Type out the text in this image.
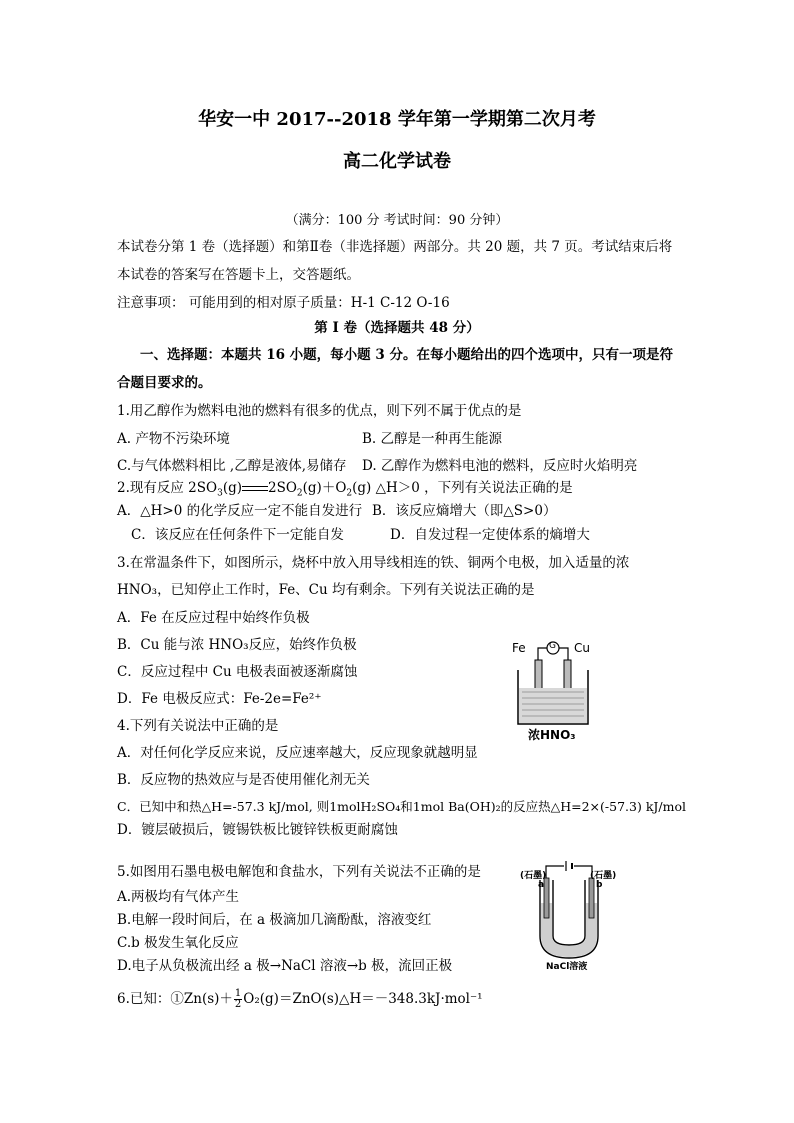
华安一中 2017--2018 学年第一学期第二次月考
高二化学试卷
（满分：100 分 考试时间：90 分钟）
本试卷分第 1 卷（选择题）和第Ⅱ卷（非选择题）两部分。共 20 题，共 7 页。考试结束后将
本试卷的答案写在答题卡上，交答题纸。
注意事项： 可能用到的相对原子质量：H-1 C-12 O-16
第 I 卷（选择题共 48 分）
一、选择题：本题共 16 小题，每小题 3 分。在每小题给出的四个选项中，只有一项是符
合题目要求的。
1.用乙醇作为燃料电池的燃料有很多的优点，则下列不属于优点的是
A. 产物不污染环境	B. 乙醇是一种再生能源
C.与气体燃料相比 ,乙醇是液体,易储存 D. 乙醇作为燃料电池的燃料，反应时火焰明亮
2.现有反应 $2SO_3(g)$ $2SO_2(g)+O_2(g)$ △H＞0 ，下列有关说法正确的是
A．△H>0 的化学反应一定不能自发进行 B．该反应熵增大（即△S>0）
C．该反应在任何条件下一定能自发	D．自发过程一定使体系的熵增大
3.在常温条件下，如图所示，烧杯中放入用导线相连的铁、铜两个电极，加入适量的浓
HNO₃，已知停止工作时，Fe、Cu 均有剩余。下列有关说法正确的是
A．Fe 在反应过程中始终作负极
B．Cu 能与浓 HNO₃反应，始终作负极
C．反应过程中 Cu 电极表面被逐渐腐蚀
D．Fe 电极反应式：Fe-2e=Fe²⁺
Fe	G Cu
浓HNO₃
4.下列有关说法中正确的是
A．对任何化学反应来说，反应速率越大，反应现象就越明显
B．反应物的热效应与是否使用催化剂无关
C．已知中和热△H=-57.3 kJ/mol, 则1molH₂SO₄和1mol Ba(OH)₂的反应热△H=2×(-57.3) kJ/mol
D．镀层破损后，镀锡铁板比镀锌铁板更耐腐蚀
5.如图用石墨电极电解饱和食盐水，下列有关说法不正确的是
A.两极均有气体产生
B.电解一段时间后，在 a 极滴加几滴酚酞，溶液变红
C.b 极发生氧化反应
D.电子从负极流出经 a 极→NaCl 溶液→b 极，流回正极
(石墨)	(石墨)
a	b
NaCl溶液
6.已知：①Zn(s)＋ $\frac{1}{2}$ O₂(g)＝ZnO(s)△H＝－348.3kJ·mol⁻¹
